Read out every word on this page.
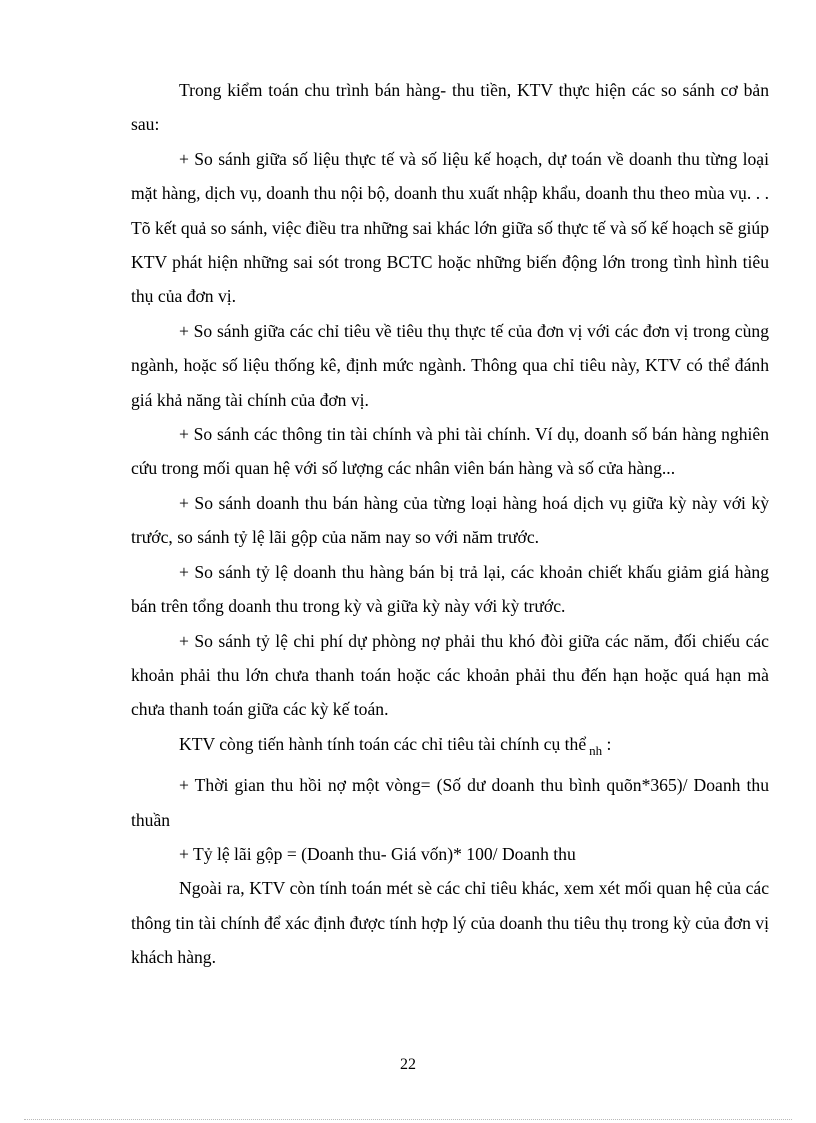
Trong kiểm toán chu trình bán hàng- thu tiền, KTV thực hiện các so sánh cơ bản sau:

+ So sánh giữa số liệu thực tế và số liệu kế hoạch, dự toán về doanh thu từng loại mặt hàng, dịch vụ, doanh thu nội bộ, doanh thu xuất nhập khẩu, doanh thu theo mùa vụ. . . Tõ kết quả so sánh, việc điều tra những sai khác lớn giữa số thực tế và số kế hoạch sẽ giúp KTV phát hiện những sai sót trong BCTC hoặc những biến động lớn trong tình hình tiêu thụ của đơn vị.

+ So sánh giữa các chỉ tiêu về tiêu thụ thực tế của đơn vị với các đơn vị trong cùng ngành, hoặc số liệu thống kê, định mức ngành. Thông qua chỉ tiêu này, KTV có thể đánh giá khả năng tài chính của đơn vị.

+ So sánh các thông tin tài chính và phi tài chính. Ví dụ, doanh số bán hàng nghiên cứu trong mối quan hệ với số lượng các nhân viên bán hàng và số cửa hàng...

+ So sánh doanh thu bán hàng của từng loại hàng hoá dịch vụ giữa kỳ này với kỳ trước, so sánh tỷ lệ lãi gộp của năm nay so với năm trước.

+ So sánh tỷ lệ doanh thu hàng bán bị trả lại, các khoản chiết khấu giảm giá hàng bán trên tổng doanh thu trong kỳ và giữa kỳ này với kỳ trước.

+ So sánh tỷ lệ chi phí dự phòng nợ phải thu khó đòi giữa các năm, đối chiếu các khoản phải thu lớn chưa thanh toán hoặc các khoản phải thu đến hạn hoặc quá hạn mà chưa thanh toán giữa các kỳ kế toán.

KTV còng tiến hành tính toán các chỉ tiêu tài chính cụ thể $_{nh}$ :

+ Thời gian thu hồi nợ một vòng= (Số dư doanh thu bình quõn*365)/ Doanh thu thuần

+ Tỷ lệ lãi gộp = (Doanh thu- Giá vốn)* 100/ Doanh thu

Ngoài ra, KTV còn tính toán mét sè các chỉ tiêu khác, xem xét mối quan hệ của các thông tin tài chính để xác định được tính hợp lý của doanh thu tiêu thụ trong kỳ của đơn vị khách hàng.

22
